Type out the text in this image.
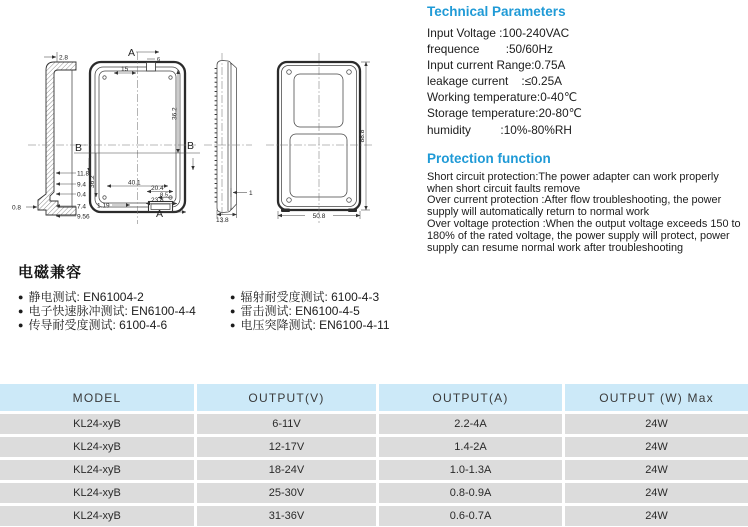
2.8
11.8
9.4
0.4
7.4
9.56
0.8
B	B
36.2
36.2
A
6
15
40.1
20.4
8.5
23.8
1.19
A
1
13.8
88.8
50.8
Technical Parameters
Input Voltage :100-240VAC
frequence        :50/60Hz
Input current Range:0.75A
leakage current    :≤0.25A
Working temperature:0-40℃
Storage temperature:20-80℃
humidity         :10%-80%RH
Protection function
Short circuit protection:The power adapter can work properly when short circuit faults remove
Over current protection :After flow troubleshooting, the power supply will automatically return to normal work
Over voltage protection :When the output voltage exceeds 150 to 180% of the rated voltage, the power supply will protect, power supply can resume normal work after troubleshooting
电磁兼容
● 静电测试: EN61004-2
● 电子快速脉冲测试: EN6100-4-4
● 传导耐受度测试: 6100-4-6
● 辐射耐受度测试: 6100-4-3
● 雷击测试: EN6100-4-5
● 电压突降测试: EN6100-4-11
MODEL	OUTPUT(V)	OUTPUT(A)	OUTPUT (W) Max
KL24-xyB	6-11V	2.2-4A	24W
KL24-xyB	12-17V	1.4-2A	24W
KL24-xyB	18-24V	1.0-1.3A	24W
KL24-xyB	25-30V	0.8-0.9A	24W
KL24-xyB	31-36V	0.6-0.7A	24W
